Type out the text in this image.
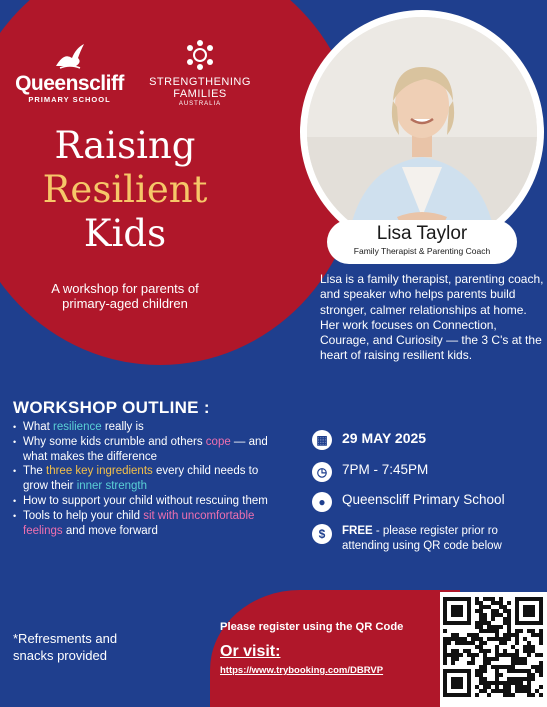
Queenscliff
PRIMARY SCHOOL
STRENGTHENING
FAMILIES
AUSTRALIA
Raising
Resilient
Kids
A workshop for parents of
primary-aged children
Lisa Taylor
Family Therapist & Parenting Coach
Lisa is a family therapist, parenting coach, and speaker who helps parents build stronger, calmer relationships at home. Her work focuses on Connection, Courage, and Curiosity — the 3 C's at the heart of raising resilient kids.
WORKSHOP OUTLINE :
• What resilience really is
• Why some kids crumble and others cope — and what makes the difference
• The three key ingredients every child needs to grow their inner strength
• How to support your child without rescuing them
• Tools to help your child sit with uncomfortable feelings and move forward
▦	29 MAY 2025
◷	7PM - 7:45PM
●	Queenscliff Primary School
$	FREE - please register prior ro attending using QR code below
*Refresments and
snacks provided
Please register using the QR Code
Or visit:
https://www.trybooking.com/DBRVP
